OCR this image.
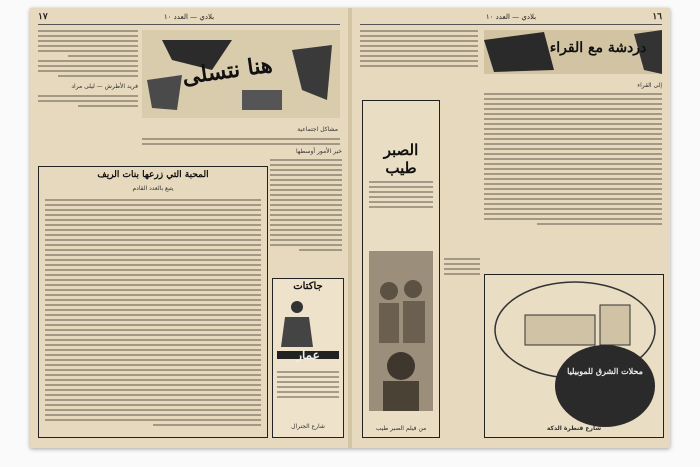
١٧	بلادي — العدد ١٠
فريد الأطرش — ليلى مراد هنا نتسلى
مشاكل اجتماعية
خير الأمور أوسطها
المحبة التي زرعها بنات الريف
يتبع بالعدد القادم
جاكتات
عمار
شارع الجنرال
١٦
بلادي — العدد ١٠
دردشة مع القراء
إلى القراء
الصبر طيب
من فيلم الصبر طيب
محلات الشرق للموبيليا
شارع قنطرة الدكة
